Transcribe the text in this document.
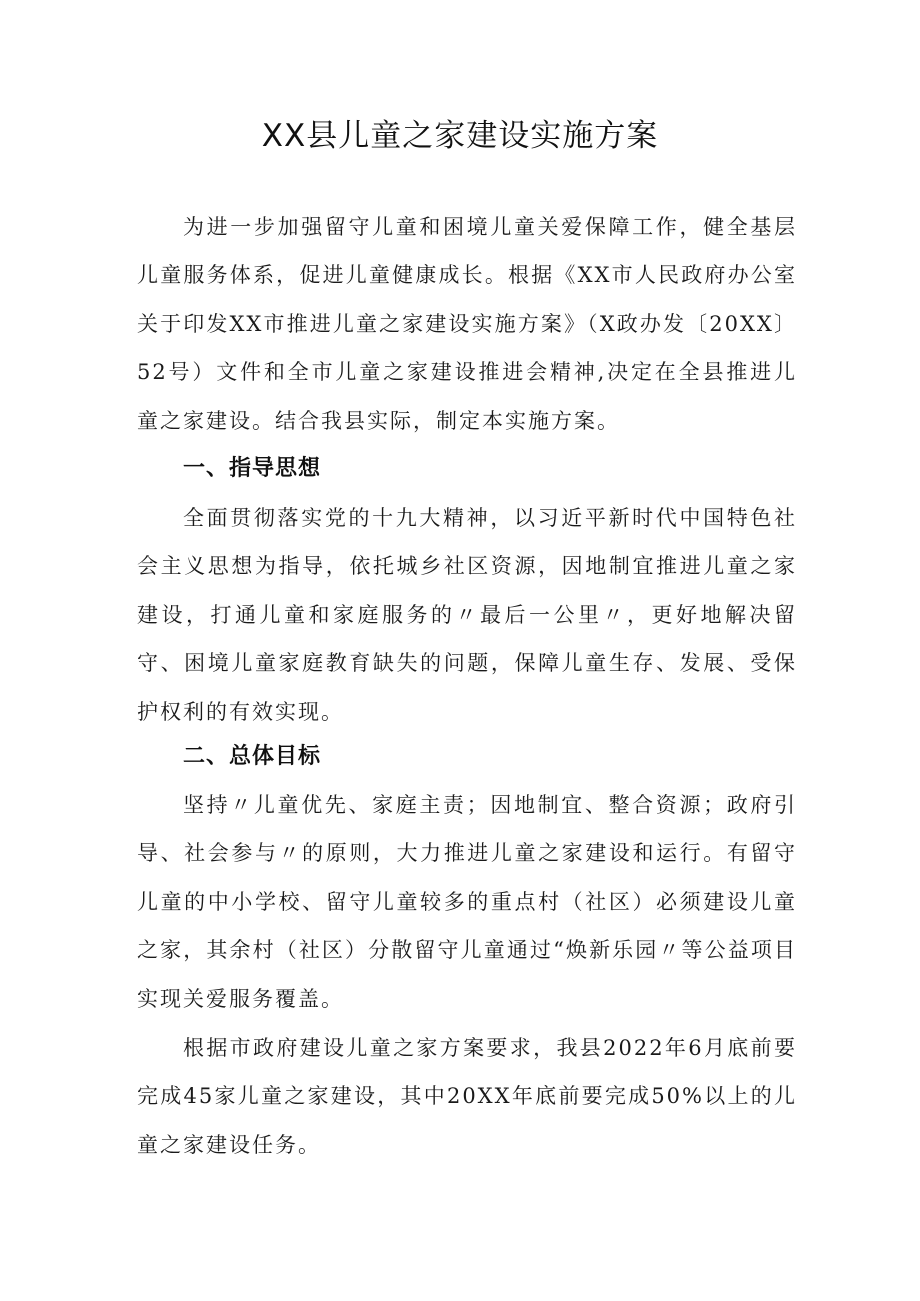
XX县儿童之家建设实施方案

为进一步加强留守儿童和困境儿童关爱保障工作，健全基层儿童服务体系，促进儿童健康成长。根据《XX市人民政府办公室关于印发XX市推进儿童之家建设实施方案》（X政办发〔20XX〕52号）文件和全市儿童之家建设推进会精神,决定在全县推进儿童之家建设。结合我县实际，制定本实施方案。

一、指导思想

全面贯彻落实党的十九大精神，以习近平新时代中国特色社会主义思想为指导，依托城乡社区资源，因地制宜推进儿童之家建设，打通儿童和家庭服务的〃最后一公里〃，更好地解决留守、困境儿童家庭教育缺失的问题，保障儿童生存、发展、受保护权利的有效实现。

二、总体目标

坚持〃儿童优先、家庭主责；因地制宜、整合资源；政府引导、社会参与〃的原则，大力推进儿童之家建设和运行。有留守儿童的中小学校、留守儿童较多的重点村（社区）必须建设儿童之家，其余村（社区）分散留守儿童通过“焕新乐园〃等公益项目实现关爱服务覆盖。

根据市政府建设儿童之家方案要求，我县2022年6月底前要完成45家儿童之家建设，其中20XX年底前要完成50%以上的儿童之家建设任务。
